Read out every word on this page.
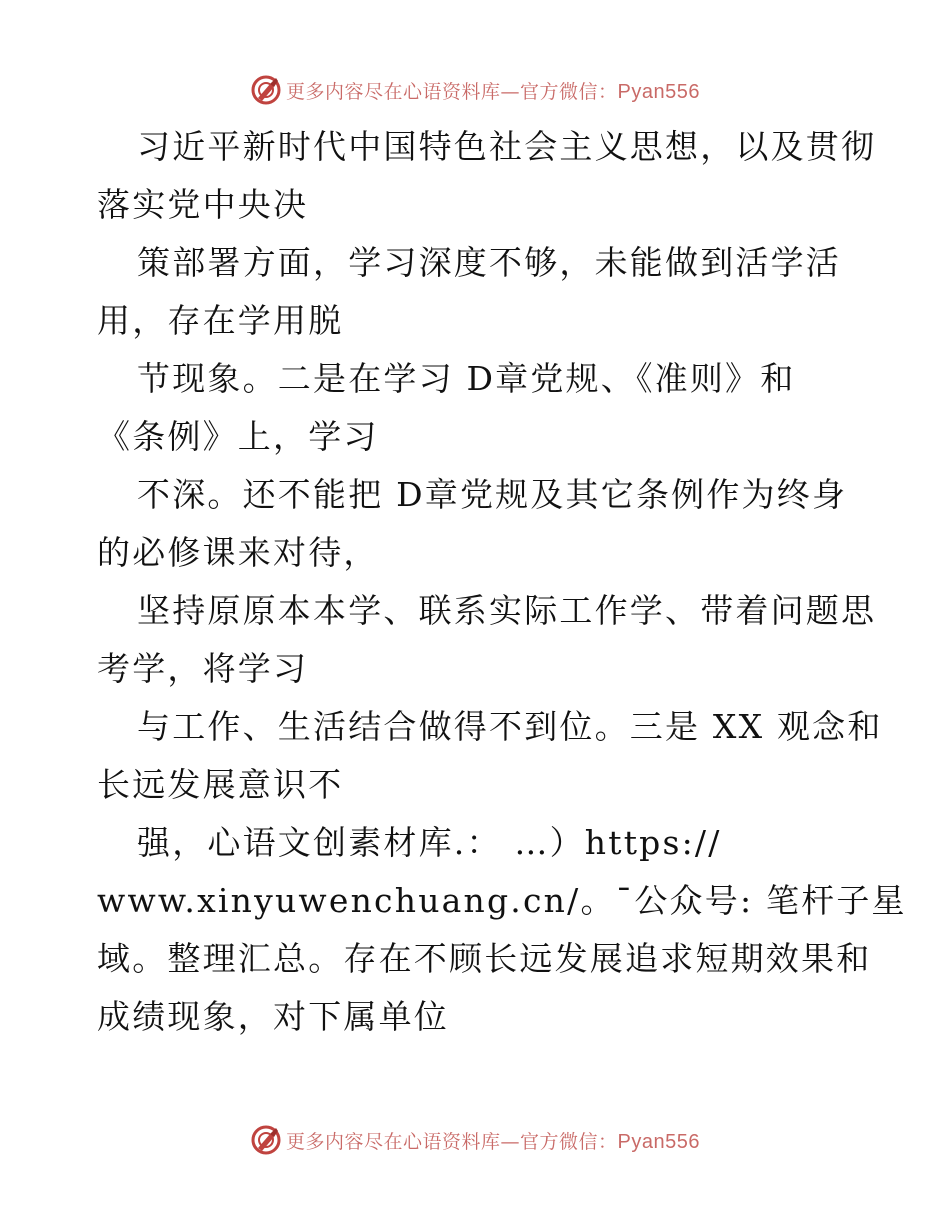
更多内容尽在心语资料库—官方微信：Pyan556
习近平新时代中国特色社会主义思想，以及贯彻
落实党中央决
策部署方面，学习深度不够，未能做到活学活
用，存在学用脱
节现象。二是在学习 D章党规、《准则》和
《条例》上，学习
不深。还不能把 D章党规及其它条例作为终身
的必修课来对待，
坚持原原本本学、联系实际工作学、带着问题思
考学，将学习
与工作、生活结合做得不到位。三是 XX 观念和
长远发展意识不
强，心语文创素材库.： …）https://
www.xinyuwenchuang.cn/。¯公众号: 笔杆子星
域。整理汇总。存在不顾长远发展追求短期效果和
成绩现象，对下属单位
更多内容尽在心语资料库—官方微信：Pyan556
